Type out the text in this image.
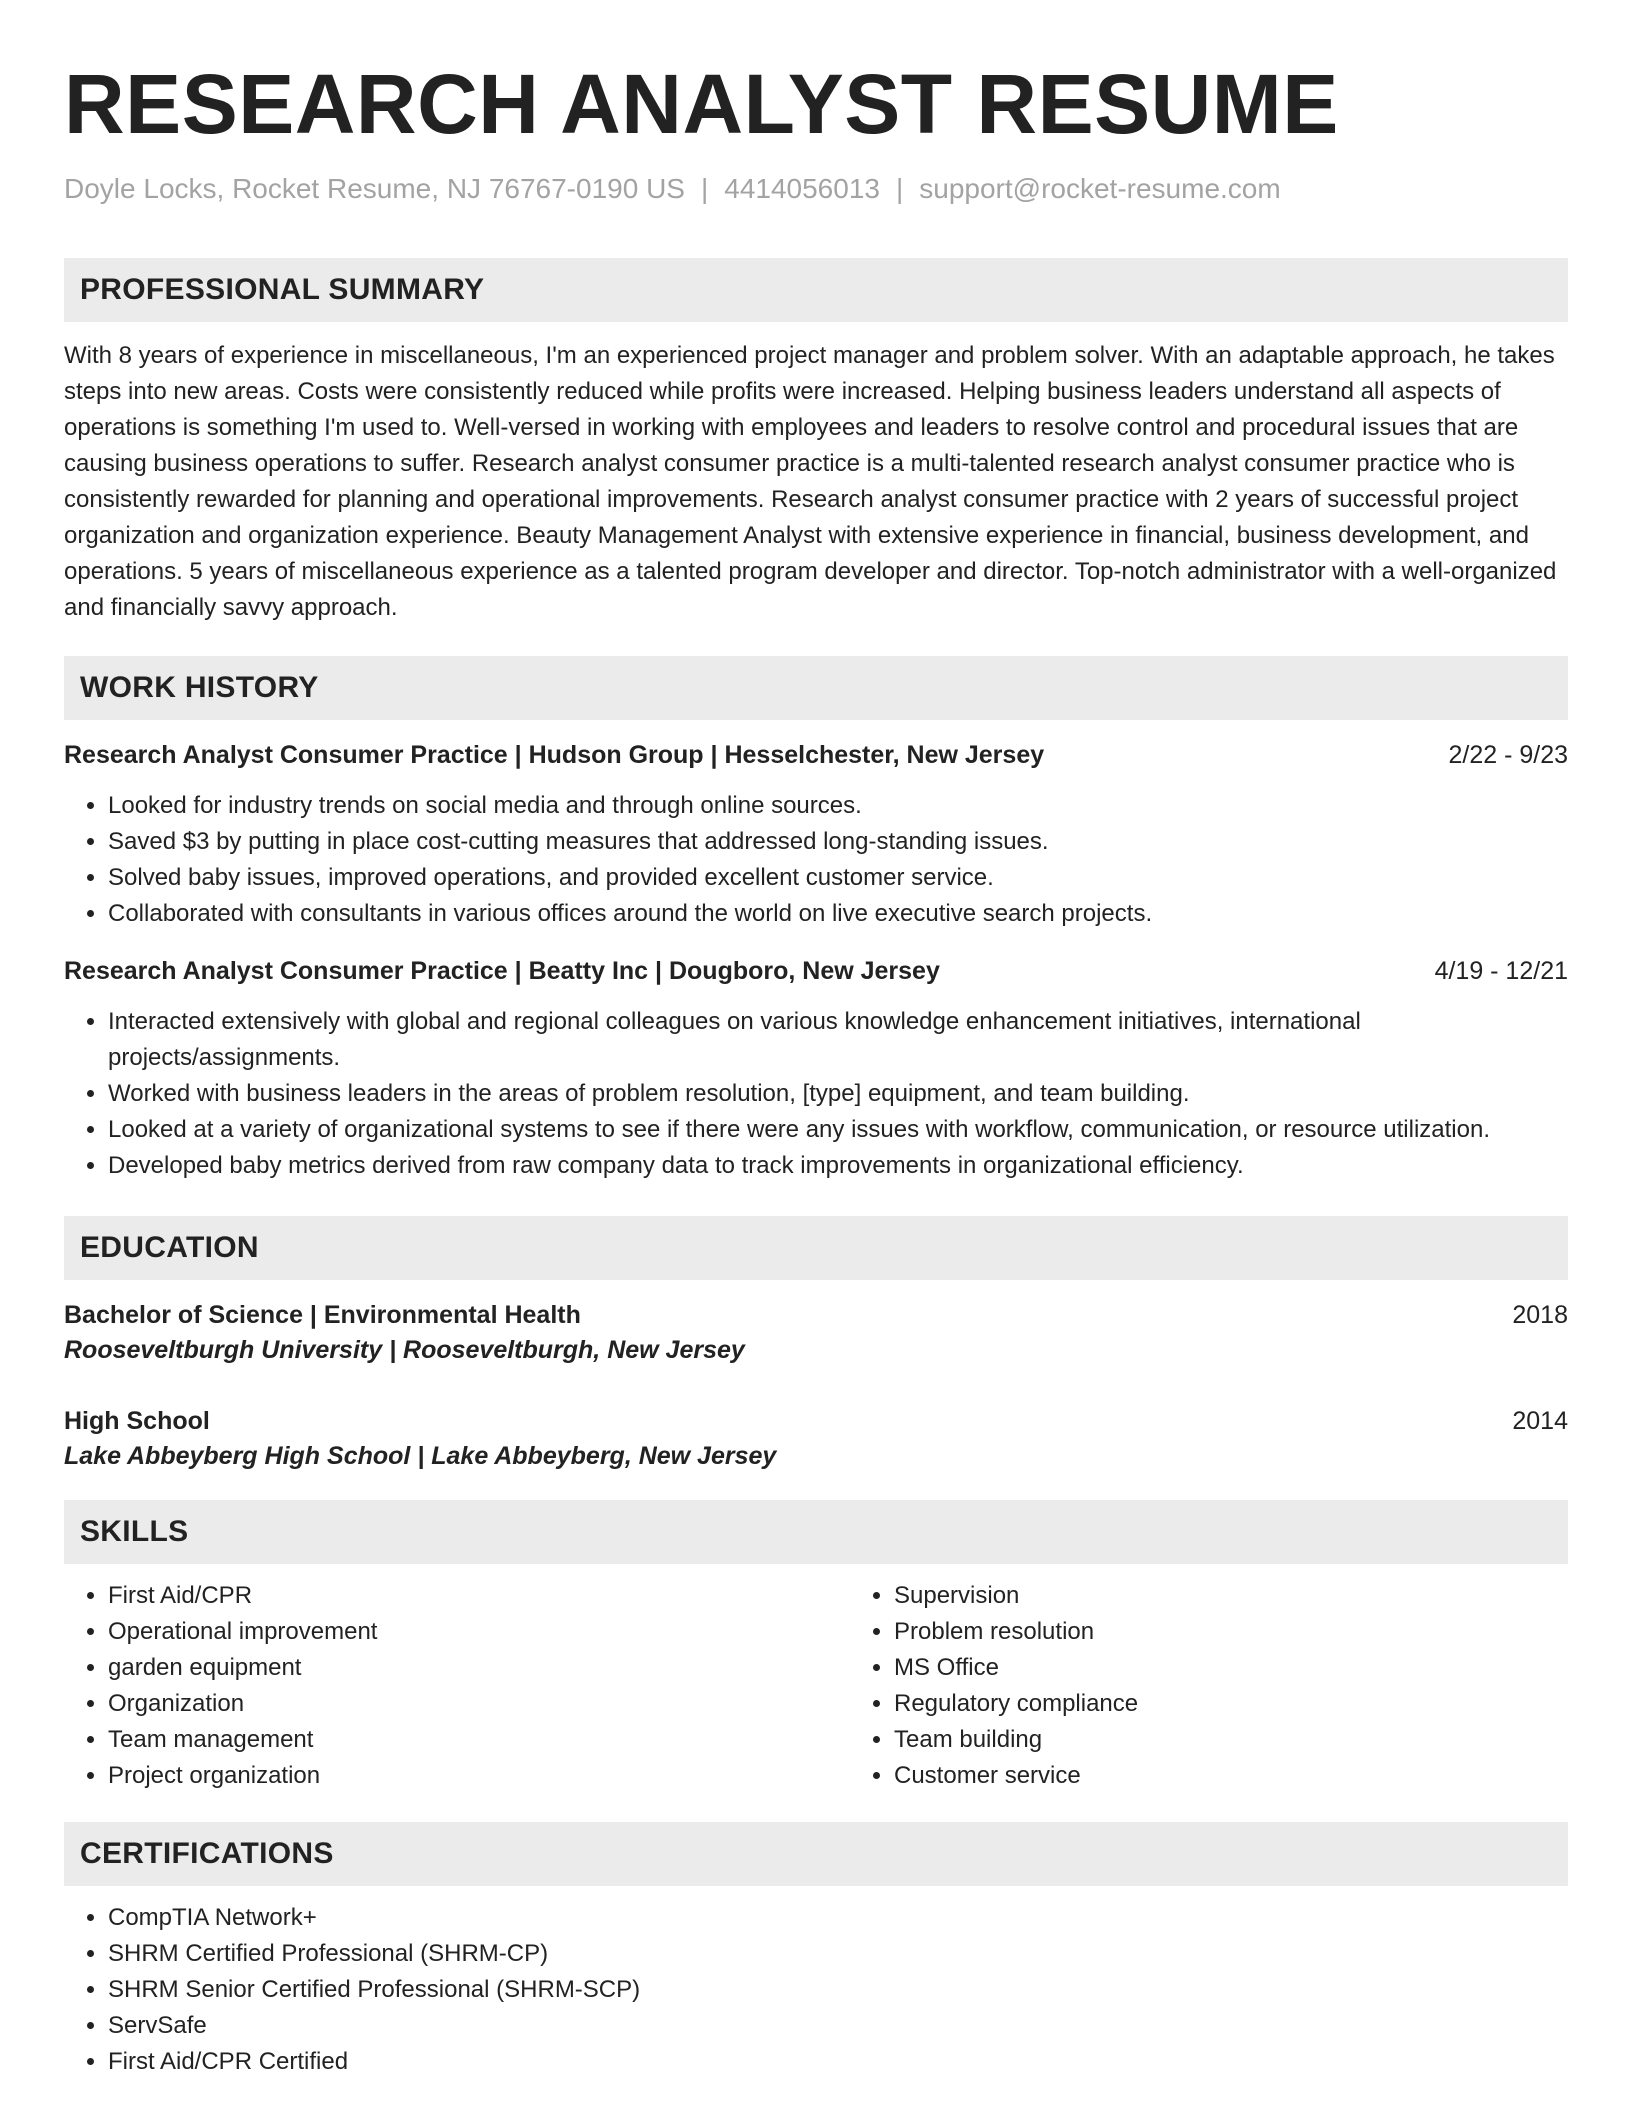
RESEARCH ANALYST RESUME
Doyle Locks, Rocket Resume, NJ 76767-0190 US | 4414056013 | support@rocket-resume.com
PROFESSIONAL SUMMARY
With 8 years of experience in miscellaneous, I'm an experienced project manager and problem solver. With an adaptable approach, he takes steps into new areas. Costs were consistently reduced while profits were increased. Helping business leaders understand all aspects of operations is something I'm used to. Well-versed in working with employees and leaders to resolve control and procedural issues that are causing business operations to suffer. Research analyst consumer practice is a multi-talented research analyst consumer practice who is consistently rewarded for planning and operational improvements. Research analyst consumer practice with 2 years of successful project organization and organization experience. Beauty Management Analyst with extensive experience in financial, business development, and operations. 5 years of miscellaneous experience as a talented program developer and director. Top-notch administrator with a well-organized and financially savvy approach.
WORK HISTORY
Research Analyst Consumer Practice | Hudson Group | Hesselchester, New Jersey	2/22 - 9/23
• Looked for industry trends on social media and through online sources.
• Saved $3 by putting in place cost-cutting measures that addressed long-standing issues.
• Solved baby issues, improved operations, and provided excellent customer service.
• Collaborated with consultants in various offices around the world on live executive search projects.
Research Analyst Consumer Practice | Beatty Inc | Dougboro, New Jersey	4/19 - 12/21
• Interacted extensively with global and regional colleagues on various knowledge enhancement initiatives, international projects/assignments.
• Worked with business leaders in the areas of problem resolution, [type] equipment, and team building.
• Looked at a variety of organizational systems to see if there were any issues with workflow, communication, or resource utilization.
• Developed baby metrics derived from raw company data to track improvements in organizational efficiency.
EDUCATION
Bachelor of Science | Environmental Health	2018
Rooseveltburgh University | Rooseveltburgh, New Jersey
High School	2014
Lake Abbeyberg High School | Lake Abbeyberg, New Jersey
SKILLS
• First Aid/CPR
• Operational improvement
• garden equipment
• Organization
• Team management
• Project organization
• Supervision
• Problem resolution
• MS Office
• Regulatory compliance
• Team building
• Customer service
CERTIFICATIONS
• CompTIA Network+
• SHRM Certified Professional (SHRM-CP)
• SHRM Senior Certified Professional (SHRM-SCP)
• ServSafe
• First Aid/CPR Certified
